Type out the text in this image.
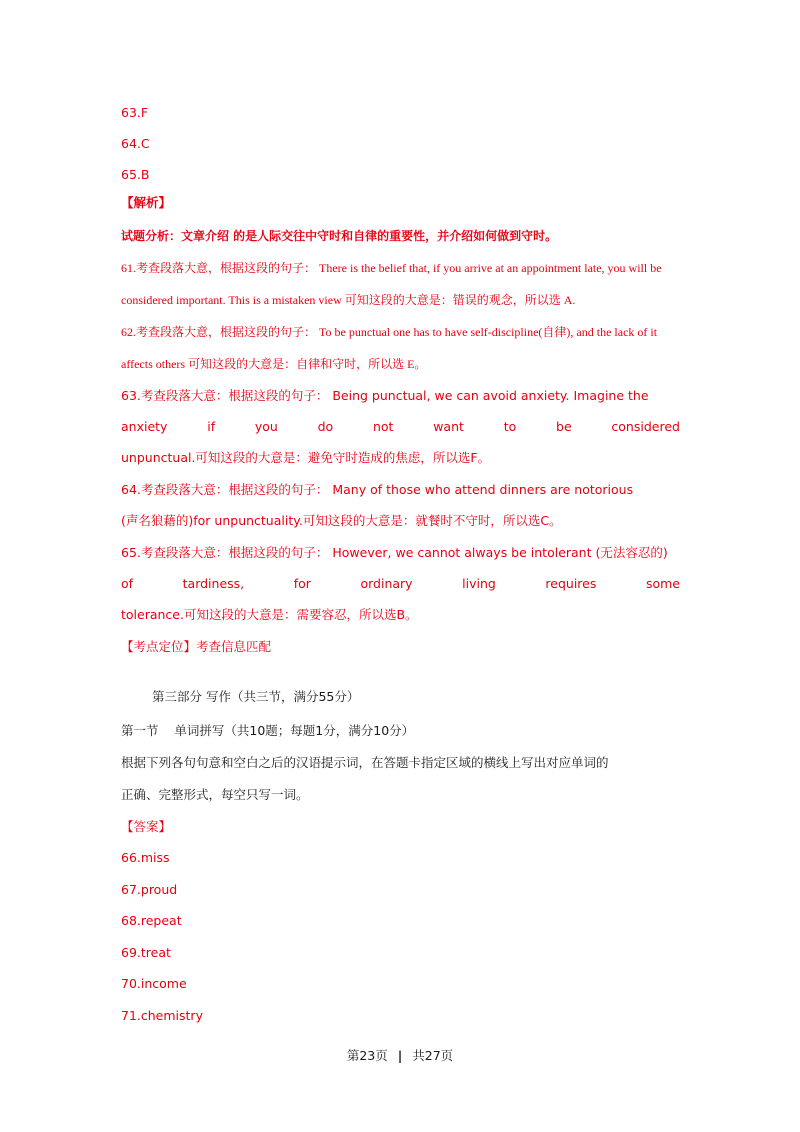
63.F
64.C
65.B
【解析】
试题分析：文章介绍 的是人际交往中守时和自律的重要性，并介绍如何做到守时。
61.考查段落大意，根据这段的句子： There is the belief that, if you arrive at an appointment late, you will be
considered important. This is a mistaken view 可知这段的大意是：错误的观念，所以选 A.
62.考查段落大意，根据这段的句子： To be punctual one has to have self-discipline(自律), and the lack of it
affects others 可知这段的大意是：自律和守时，所以选 E。
63.考查段落大意：根据这段的句子： Being punctual, we can avoid anxiety. Imagine the
anxiety	if	you	do	not	want	to	be	considered
unpunctual.可知这段的大意是：避免守时造成的焦虑，所以选F。
64.考查段落大意：根据这段的句子： Many of those who attend dinners are notorious
(声名狼藉的)for unpunctuality.可知这段的大意是：就餐时不守时，所以选C。
65.考查段落大意：根据这段的句子： However, we cannot always be intolerant (无法容忍的)
of	tardiness,	for	ordinary	living	requires	some
tolerance.可知这段的大意是：需要容忍，所以选B。
【考点定位】考查信息匹配
第三部分 写作（共三节，满分55分）
第一节    单词拼写（共10题；每题1分，满分10分）
根据下列各句句意和空白之后的汉语提示词，在答题卡指定区域的横线上写出对应单词的
正确、完整形式，每空只写一词。
【答案】
66.miss
67.proud
68.repeat
69.treat
70.income
71.chemistry
第23页 | 共27页
